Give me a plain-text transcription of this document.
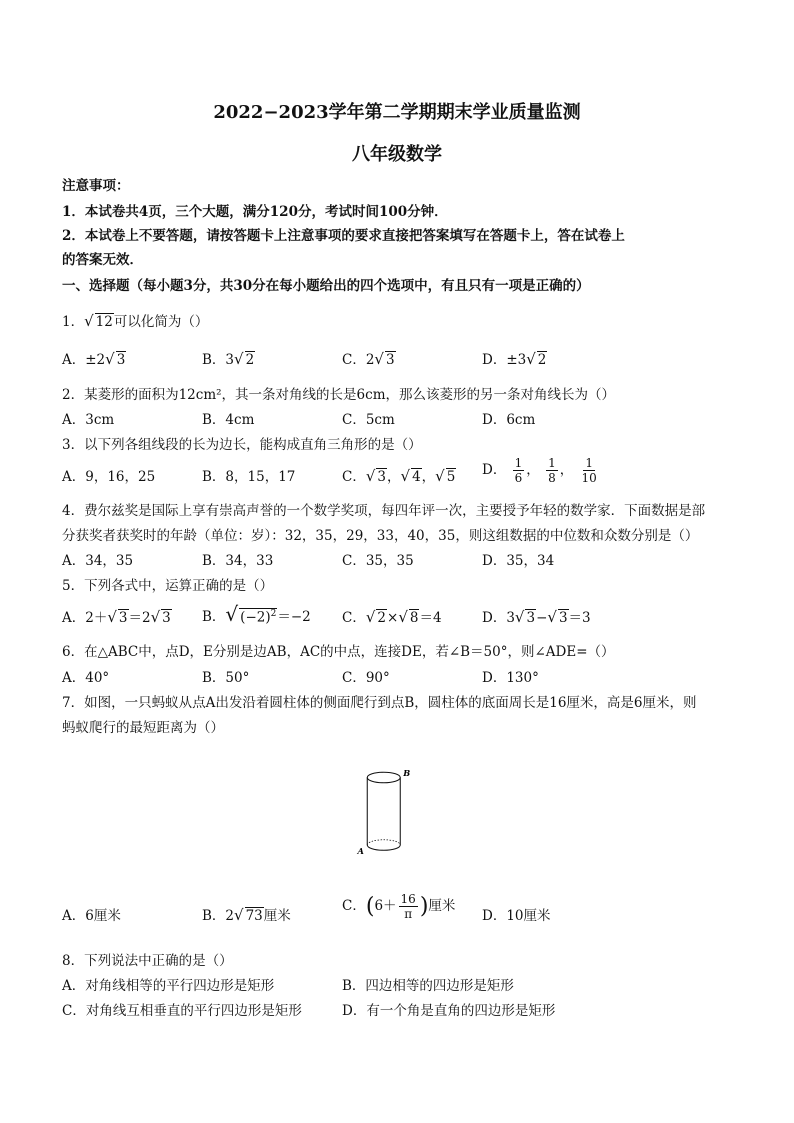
2022−2023学年第二学期期末学业质量监测
八年级数学
注意事项：
1．本试卷共4页，三个大题，满分120分，考试时间100分钟．
2．本试卷上不要答题，请按答题卡上注意事项的要求直接把答案填写在答题卡上，答在试卷上
的答案无效．
一、选择题（每小题3分，共30分在每小题给出的四个选项中，有且只有一项是正确的）
1．√ 12可以化简为（）
A．±2√ 3	B．3√ 2	C．2√ 3	D．±3√ 2
2．某菱形的面积为12cm²，其一条对角线的长是6cm，那么该菱形的另一条对角线长为（）
A．3cm	B．4cm	C．5cm	D．6cm
3．以下列各组线段的长为边长，能构成直角三角形的是（）
A．9，16，25	B．8，15，17	C．√ 3，√ 4，√ 5 D． $\frac{1}{6}$ ， $\frac{1}{8}$ ， $\frac{1}{10}$
4．费尔兹奖是国际上享有崇高声誉的一个数学奖项，每四年评一次，主要授予年轻的数学家．下面数据是部
分获奖者获奖时的年龄（单位：岁）：32，35，29，33，40，35，则这组数据的中位数和众数分别是（）
A．34，35	B．34，33	C．35，35	D．35，34
5．下列各式中，运算正确的是（）
A．2＋√ 3＝2√ 3 B．√ $(-2)^2=-2$ C．√ 2×√ 8＝4	D．3√ 3−√ 3＝3
6．在△ABC中，点D，E分别是边AB，AC的中点，连接DE，若∠B＝50°，则∠ADE=（）
A．40°	B．50°	C．90°	D．130°
7．如图，一只蚂蚁从点A出发沿着圆柱体的侧面爬行到点B，圆柱体的底面周长是16厘米，高是6厘米，则
蚂蚁爬行的最短距离为（）
B
A
A．6厘米	B．2√ 73厘米
C．($6+ \frac{16}{\pi}$ )厘米
D．10厘米
8．下列说法中正确的是（）
A．对角线相等的平行四边形是矩形	B．四边相等的四边形是矩形
C．对角线互相垂直的平行四边形是矩形	D．有一个角是直角的四边形是矩形
